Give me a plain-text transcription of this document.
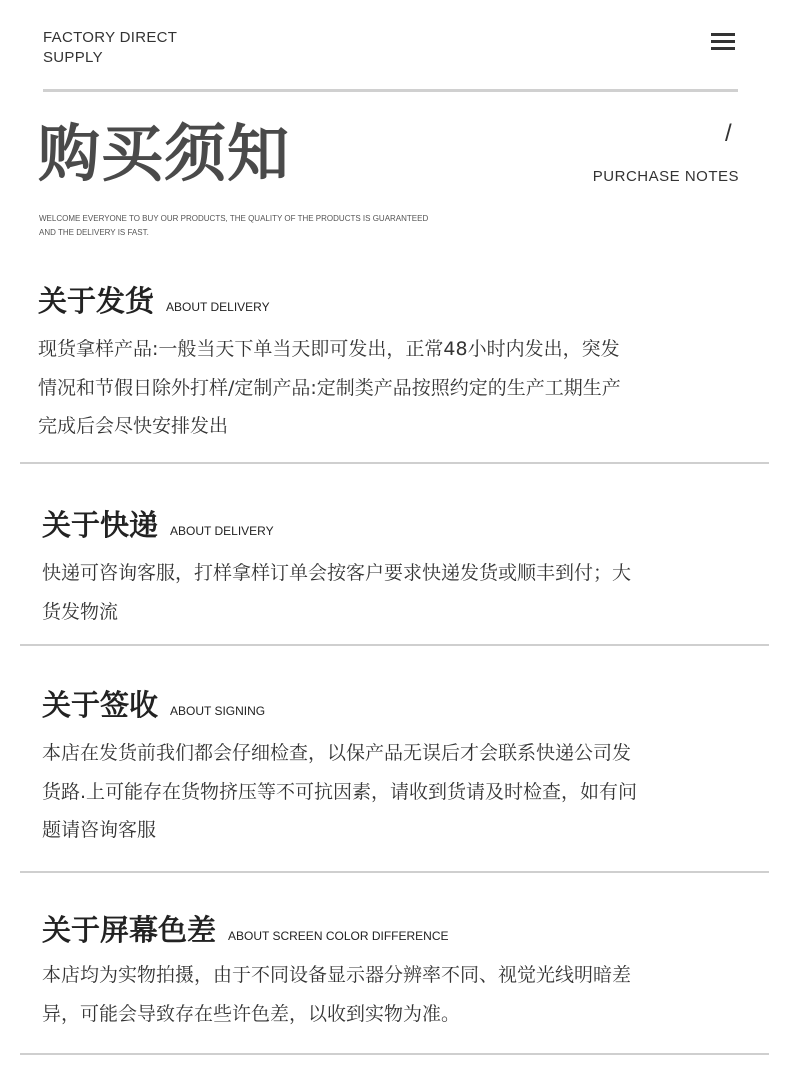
FACTORY DIRECT
SUPPLY
购买须知	/
PURCHASE NOTES
WELCOME EVERYONE TO BUY OUR PRODUCTS, THE QUALITY OF THE PRODUCTS IS GUARANTEED
AND THE DELIVERY IS FAST.
关于发货 ABOUT DELIVERY
现货拿样产品:一般当天下单当天即可发出，正常48小时内发出，突发
情况和节假日除外打样/定制产品:定制类产品按照约定的生产工期生产
完成后会尽快安排发出
关于快递 ABOUT DELIVERY
快递可咨询客服，打样拿样订单会按客户要求快递发货或顺丰到付；大
货发物流
关于签收 ABOUT SIGNING
本店在发货前我们都会仔细检查，以保产品无误后才会联系快递公司发
货路.上可能存在货物挤压等不可抗因素，请收到货请及时检查，如有问
题请咨询客服
关于屏幕色差 ABOUT SCREEN COLOR DIFFERENCE
本店均为实物拍摄，由于不同设备显示器分辨率不同、视觉光线明暗差
异，可能会导致存在些许色差，以收到实物为准。
